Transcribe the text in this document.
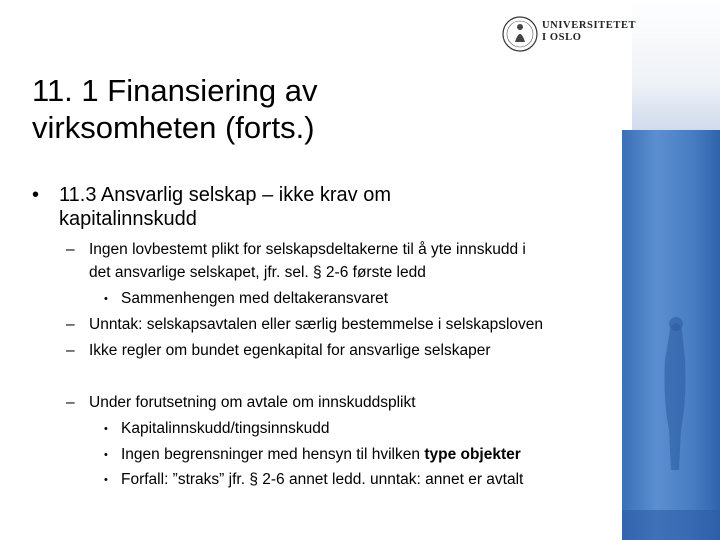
UNIVERSITETET
I OSLO
11. 1 Finansiering av
virksomheten (forts.)
• 11.3 Ansvarlig selskap – ikke krav om
kapitalinnskudd
– Ingen lovbestemt plikt for selskapsdeltakerne til å yte innskudd i
det ansvarlige selskapet, jfr. sel. § 2-6 første ledd
• Sammenhengen med deltakeransvaret
– Unntak: selskapsavtalen eller særlig bestemmelse i selskapsloven
– Ikke regler om bundet egenkapital for ansvarlige selskaper
– Under forutsetning om avtale om innskuddsplikt
• Kapitalinnskudd/tingsinnskudd
• Ingen begrensninger med hensyn til hvilken type objekter
• Forfall: ”straks” jfr. § 2-6 annet ledd. unntak: annet er avtalt
